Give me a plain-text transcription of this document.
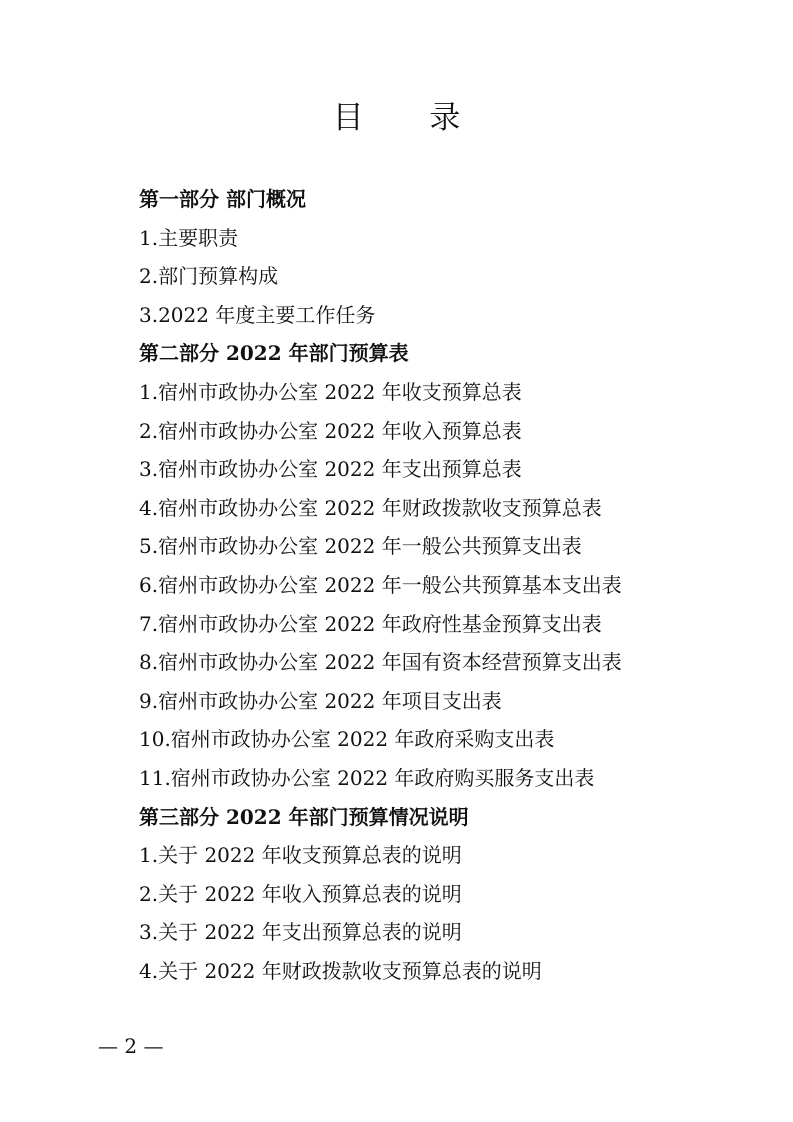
目 录
第一部分 部门概况
1.主要职责
2.部门预算构成
3.2022 年度主要工作任务
第二部分 2022 年部门预算表
1.宿州市政协办公室 2022 年收支预算总表
2.宿州市政协办公室 2022 年收入预算总表
3.宿州市政协办公室 2022 年支出预算总表
4.宿州市政协办公室 2022 年财政拨款收支预算总表
5.宿州市政协办公室 2022 年一般公共预算支出表
6.宿州市政协办公室 2022 年一般公共预算基本支出表
7.宿州市政协办公室 2022 年政府性基金预算支出表
8.宿州市政协办公室 2022 年国有资本经营预算支出表
9.宿州市政协办公室 2022 年项目支出表
10.宿州市政协办公室 2022 年政府采购支出表
11.宿州市政协办公室 2022 年政府购买服务支出表
第三部分 2022 年部门预算情况说明
1.关于 2022 年收支预算总表的说明
2.关于 2022 年收入预算总表的说明
3.关于 2022 年支出预算总表的说明
4.关于 2022 年财政拨款收支预算总表的说明
— 2 —
